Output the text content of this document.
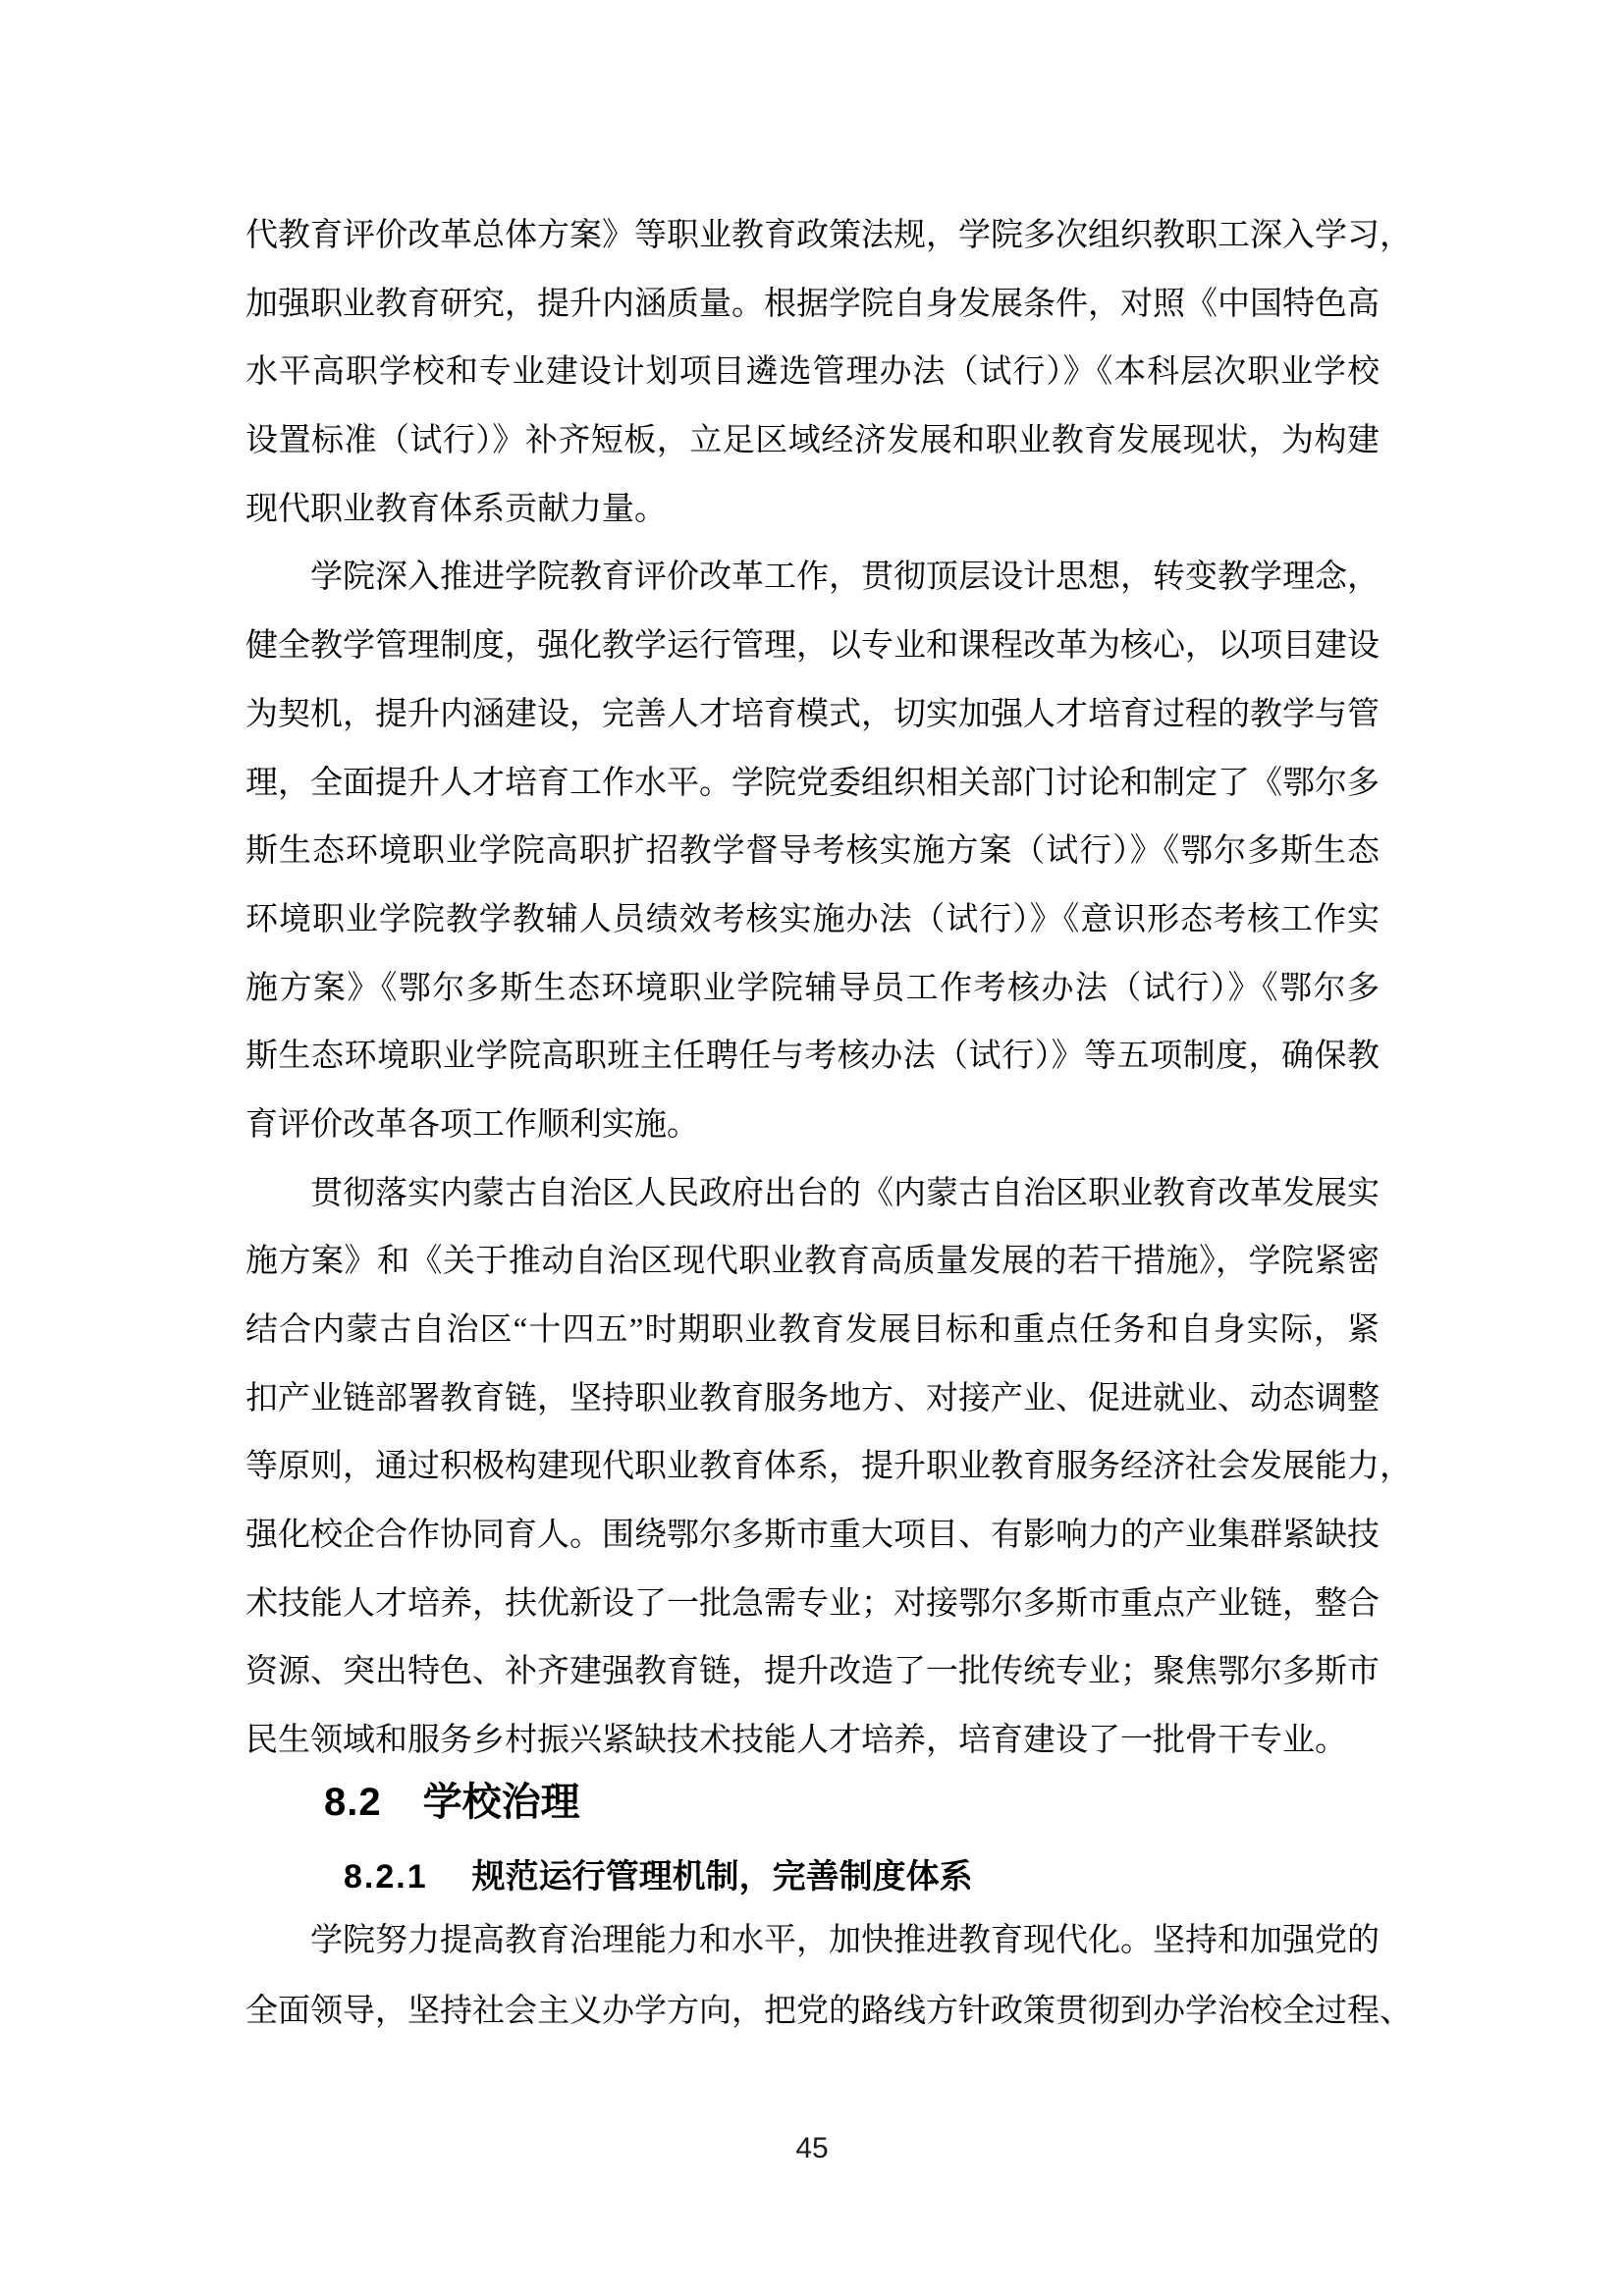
代教育评价改革总体方案》等职业教育政策法规，学院多次组织教职工深入学习，
加强职业教育研究，提升内涵质量。根据学院自身发展条件，对照《中国特色高
水平高职学校和专业建设计划项目遴选管理办法（试行）》《本科层次职业学校
设置标准（试行）》补齐短板，立足区域经济发展和职业教育发展现状，为构建
现代职业教育体系贡献力量。
学院深入推进学院教育评价改革工作，贯彻顶层设计思想，转变教学理念，
健全教学管理制度，强化教学运行管理，以专业和课程改革为核心，以项目建设
为契机，提升内涵建设，完善人才培育模式，切实加强人才培育过程的教学与管
理，全面提升人才培育工作水平。学院党委组织相关部门讨论和制定了《鄂尔多
斯生态环境职业学院高职扩招教学督导考核实施方案（试行）》《鄂尔多斯生态
环境职业学院教学教辅人员绩效考核实施办法（试行）》《意识形态考核工作实
施方案》《鄂尔多斯生态环境职业学院辅导员工作考核办法（试行）》《鄂尔多
斯生态环境职业学院高职班主任聘任与考核办法（试行）》等五项制度，确保教
育评价改革各项工作顺利实施。
贯彻落实内蒙古自治区人民政府出台的《内蒙古自治区职业教育改革发展实
施方案》和《关于推动自治区现代职业教育高质量发展的若干措施》，学院紧密
结合内蒙古自治区“十四五”时期职业教育发展目标和重点任务和自身实际，紧
扣产业链部署教育链，坚持职业教育服务地方、对接产业、促进就业、动态调整
等原则，通过积极构建现代职业教育体系，提升职业教育服务经济社会发展能力，
强化校企合作协同育人。围绕鄂尔多斯市重大项目、有影响力的产业集群紧缺技
术技能人才培养，扶优新设了一批急需专业；对接鄂尔多斯市重点产业链，整合
资源、突出特色、补齐建强教育链，提升改造了一批传统专业；聚焦鄂尔多斯市
民生领域和服务乡村振兴紧缺技术技能人才培养，培育建设了一批骨干专业。
8.2 学校治理
8.2.1 规范运行管理机制，完善制度体系
学院努力提高教育治理能力和水平，加快推进教育现代化。坚持和加强党的
全面领导，坚持社会主义办学方向，把党的路线方针政策贯彻到办学治校全过程、
45
